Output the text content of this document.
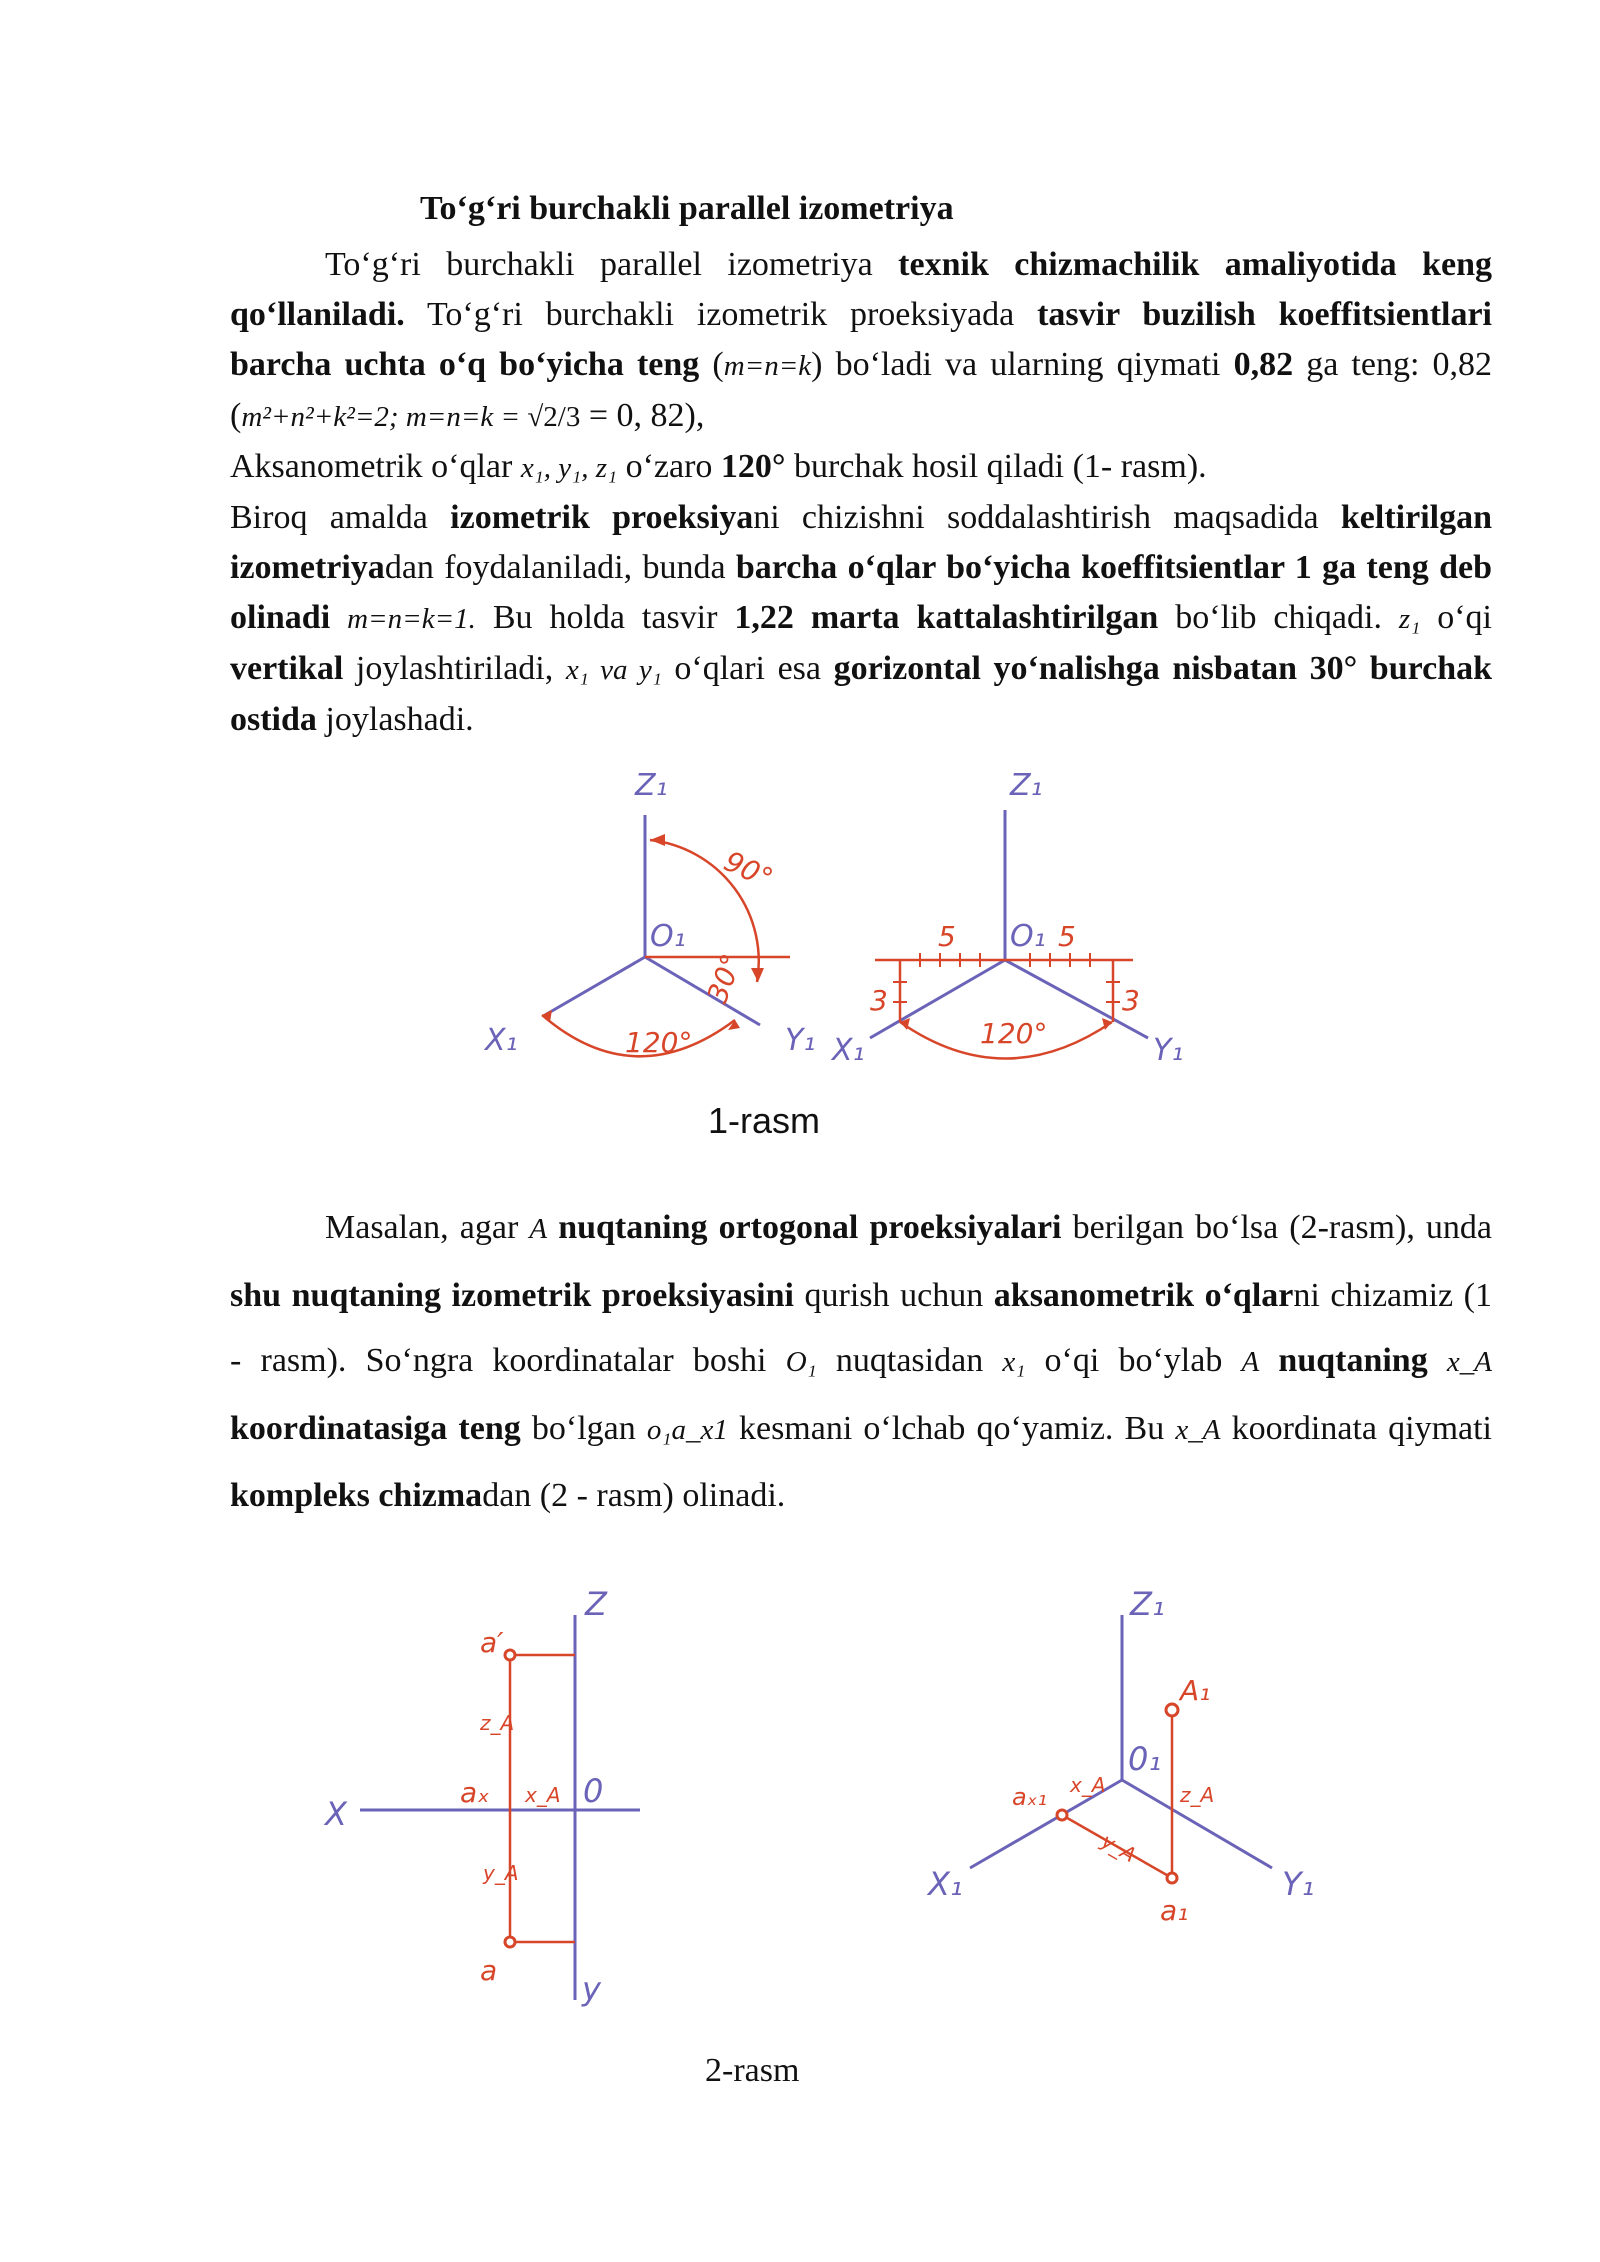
To‘g‘ri burchakli parallel izometriya
To‘g‘ri burchakli parallel izometriya texnik chizmachilik amaliyotida keng qo‘llaniladi. To‘g‘ri burchakli izometrik proeksiyada tasvir buzilish koeffitsientlari barcha uchta o‘q bo‘yicha teng (m=n=k) bo‘ladi va ularning qiymati 0,82 ga teng: 0,82 (m²+n²+k²=2; m=n=k = √2/3 = 0, 82),
Aksanometrik o‘qlar x₁, y₁, z₁ o‘zaro 120° burchak hosil qiladi (1- rasm).
Biroq amalda izometrik proeksiyani chizishni soddalashtirish maqsadida keltirilgan izometriyadan foydalaniladi, bunda barcha o‘qlar bo‘yicha koeffitsientlar 1 ga teng deb olinadi m=n=k=1. Bu holda tasvir 1,22 marta kattalashtirilgan bo‘lib chiqadi. z₁ o‘qi vertikal joylashtiriladi, x₁ va y₁ o‘qlari esa gorizontal yo‘nalishga nisbatan 30° burchak ostida joylashadi.
Z₁
O₁
X₁	Y₁
Z₁
O₁
X₁	Y₁
90°
30°
120°	120°
5	5
3	3
1-rasm
Masalan, agar A nuqtaning ortogonal proeksiyalari berilgan bo‘lsa (2-rasm), unda shu nuqtaning izometrik proeksiyasini qurish uchun aksanometrik o‘qlarni chizamiz (1 - rasm). So‘ngra koordinatalar boshi O₁ nuqtasidan x₁ o‘qi bo‘ylab A nuqtaning x_A koordinatasiga teng bo‘lgan o₁a_x1 kesmani o‘lchab qo‘yamiz. Bu x_A koordinata qiymati kompleks chizmadan (2 - rasm) olinadi.
Z
X
0
y
Z₁
0₁
X₁	Y₁
a′
a
aₓ
z_A
x_A
y_A
A₁
a₁
aₓ₁ x_A	z_A
y_A
2-rasm
